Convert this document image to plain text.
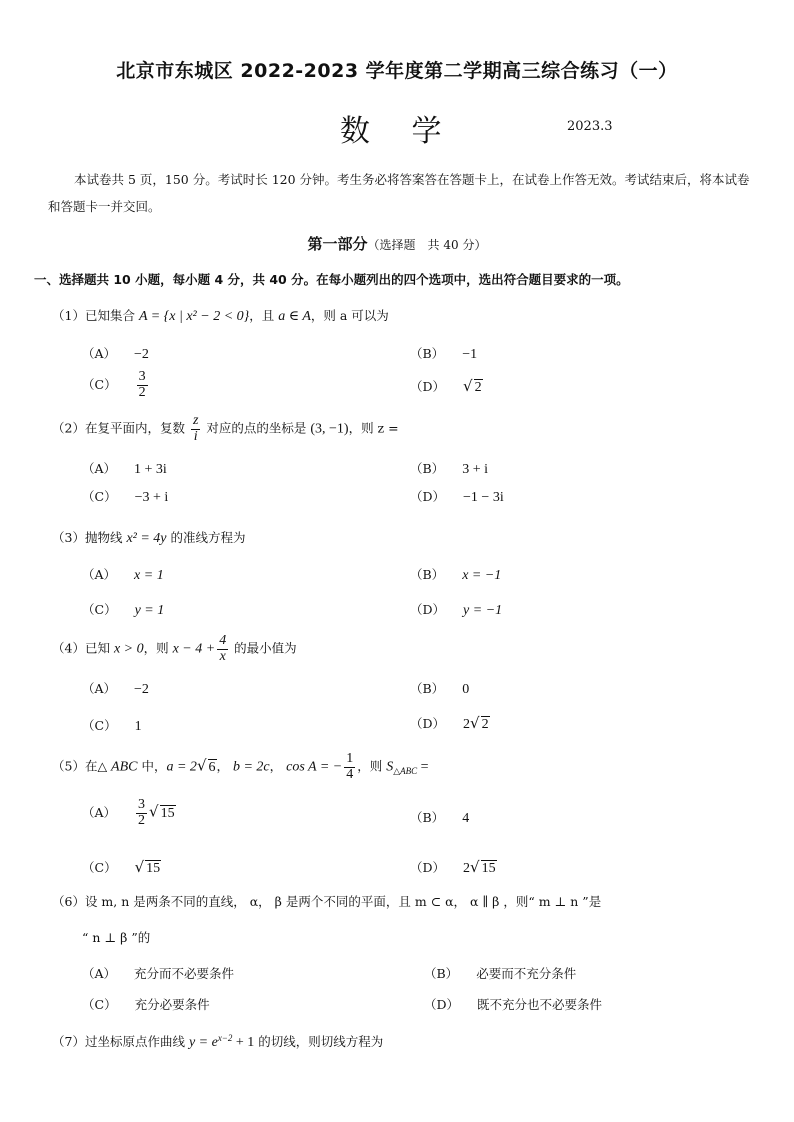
北京市东城区 2022-2023 学年度第二学期高三综合练习（一）
数 学	2023.3
本试卷共 5 页，150 分。考试时长 120 分钟。考生务必将答案答在答题卡上，在试卷上作答无效。考试结束后，将本试卷和答题卡一并交回。
第一部分（选择题　共 40 分）
一、选择题共 10 小题，每小题 4 分，共 40 分。在每小题列出的四个选项中，选出符合题目要求的一项。
（1）已知集合 A = {x | x² − 2 < 0}，且 a ∈ A，则 a 可以为
（A） −2	（B） −1
$(C) \frac{3}{2}$	（D） √ 2
（2）在复平面内，复数 $\frac{z}{i}$ 对应的点的坐标是 (3, −1)，则 z =
（A） 1 + 3i	（B） 3 + i
（C） −3 + i	（D） −1 − 3i
（3）抛物线 x² = 4y 的准线方程为
（A） x = 1	（B） x = −1
（C） y = 1	（D） y = −1
（4）已知 x > 0，则 $x - 4 + \frac{4}{x}$ 的最小值为
（A） −2	（B） 0
（C） 1	（D） 2√ 2
（5）在△ ABC 中，a = 2√ 6， b = 2c， cos A = − $\frac{1}{4}$ ，则 $S_{\triangle ABC}$ =
$(A) \frac{3}{2}$ √ 15	（B） 4
（C） √ 15	（D） 2√ 15
（6）设 m, n 是两条不同的直线， α， β 是两个不同的平面，且 m ⊂ α， α ∥ β ，则“ m ⊥ n ”是
“ n ⊥ β ”的
（A） 充分而不必要条件	（B） 必要而不充分条件
（C） 充分必要条件	（D） 既不充分也不必要条件
（7）过坐标原点作曲线 $y = e^{x-2} + 1$ 的切线，则切线方程为
